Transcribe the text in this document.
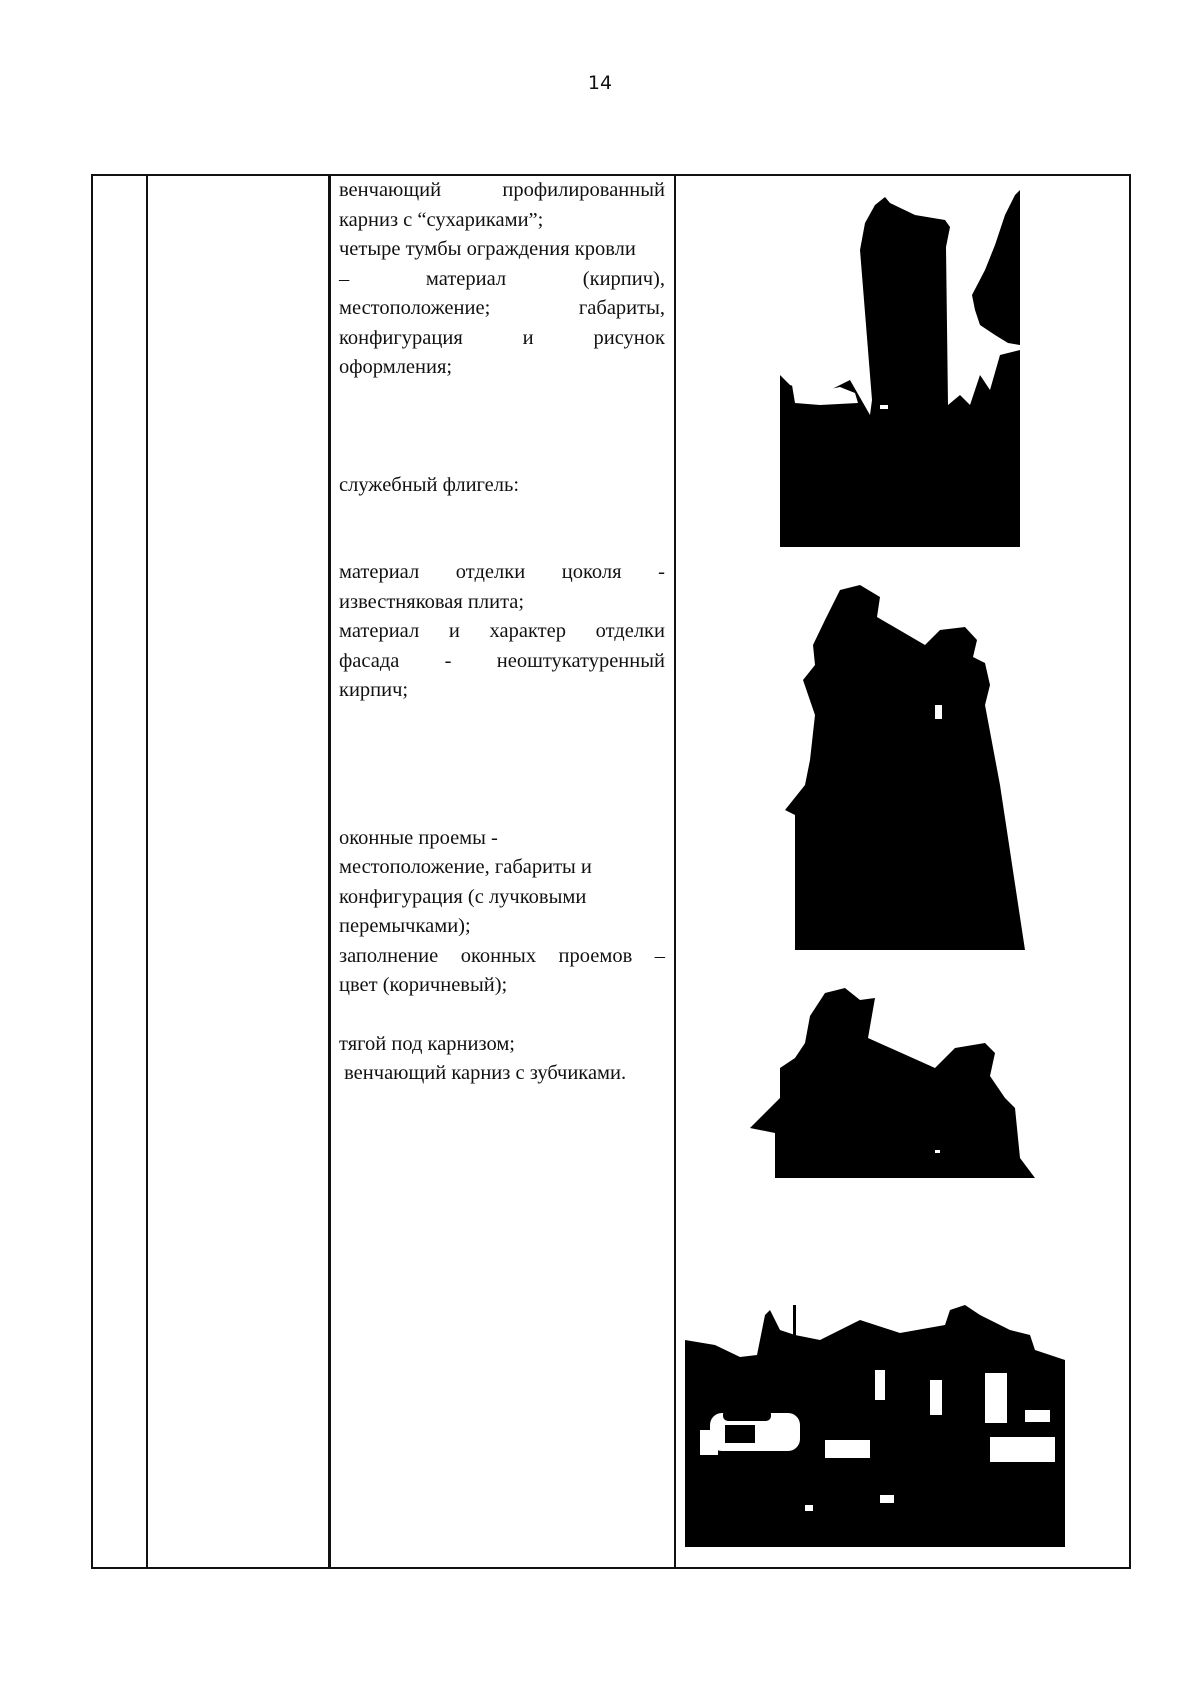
14

венчающий профилированный

карниз с “сухариками”;

четыре тумбы ограждения кровли

– материал (кирпич),

местоположение; габариты,

конфигурация и рисунок

оформления;

служебный флигель:

материал отделки цоколя -

известняковая плита;

материал и характер отделки

фасада - неоштукатуренный

кирпич;

оконные проемы -

местоположение, габариты и

конфигурация (с лучковыми

перемычками);

заполнение оконных проемов –

цвет (коричневый);

тягой под карнизом;

венчающий карниз с зубчиками.
